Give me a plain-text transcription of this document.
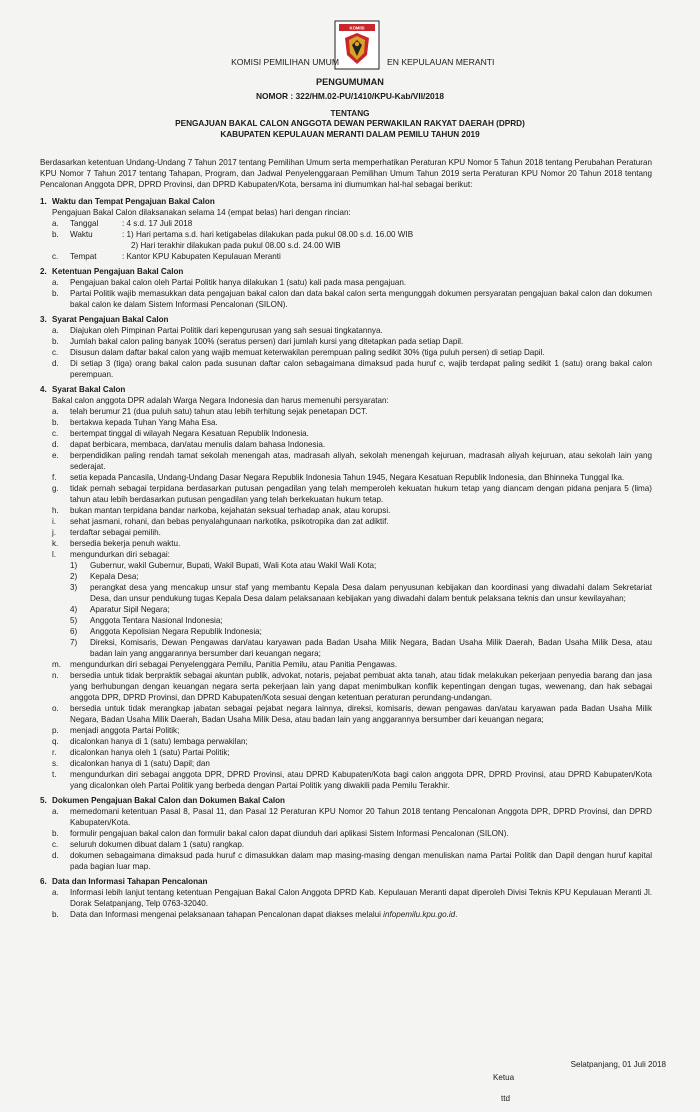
KOMISI
KOMISI PEMILIHAN UMUM	EN KEPULAUAN MERANTI
PENGUMUMAN
NOMOR : 322/HM.02-PU/1410/KPU-Kab/VII/2018
TENTANG
PENGAJUAN BAKAL CALON ANGGOTA DEWAN PERWAKILAN RAKYAT DAERAH (DPRD)
KABUPATEN KEPULAUAN MERANTI DALAM PEMILU TAHUN 2019

Berdasarkan ketentuan Undang-Undang 7 Tahun 2017 tentang Pemilihan Umum serta memperhatikan Peraturan KPU Nomor 5 Tahun 2018 tentang Perubahan Peraturan KPU Nomor 7 Tahun 2017 tentang Tahapan, Program, dan Jadwal Penyelenggaraan Pemilihan Umum Tahun 2019 serta Peraturan KPU Nomor 20 Tahun 2018 tentang Pencalonan Anggota DPR, DPRD Provinsi, dan DPRD Kabupaten/Kota, bersama ini diumumkan hal-hal sebagai berikut:

1. Waktu dan Tempat Pengajuan Bakal Calon
Pengajuan Bakal Calon dilaksanakan selama 14 (empat belas) hari dengan rincian:
a.	Tanggal	: 4 s.d. 17 Juli 2018
b.	Waktu	: 1) Hari pertama s.d. hari ketigabelas dilakukan pada pukul 08.00 s.d. 16.00 WIB
2) Hari terakhir dilakukan pada pukul 08.00 s.d. 24.00 WIB
c.	Tempat	: Kantor KPU Kabupaten Kepulauan Meranti
2. Ketentuan Pengajuan Bakal Calon
a.	Pengajuan bakal calon oleh Partai Politik hanya dilakukan 1 (satu) kali pada masa pengajuan.
b.	Partai Politik wajib memasukkan data pengajuan bakal calon dan data bakal calon serta mengunggah dokumen persyaratan pengajuan bakal calon dan dokumen bakal calon ke dalam Sistem Informasi Pencalonan (SILON).
3. Syarat Pengajuan Bakal Calon
a.	Diajukan oleh Pimpinan Partai Politik dari kepengurusan yang sah sesuai tingkatannya.
b.	Jumlah bakal calon paling banyak 100% (seratus persen) dari jumlah kursi yang ditetapkan pada setiap Dapil.
c.	Disusun dalam daftar bakal calon yang wajib memuat keterwakilan perempuan paling sedikit 30% (tiga puluh persen) di setiap Dapil.
d.	Di setiap 3 (tiga) orang bakal calon pada susunan daftar calon sebagaimana dimaksud pada huruf c, wajib terdapat paling sedikit 1 (satu) orang bakal calon perempuan.
4. Syarat Bakal Calon
Bakal calon anggota DPR adalah Warga Negara Indonesia dan harus memenuhi persyaratan:
a.	telah berumur 21 (dua puluh satu) tahun atau lebih terhitung sejak penetapan DCT.
b.	bertakwa kepada Tuhan Yang Maha Esa.
c.	bertempat tinggal di wilayah Negara Kesatuan Republik Indonesia.
d.	dapat berbicara, membaca, dan/atau menulis dalam bahasa Indonesia.
e.	berpendidikan paling rendah tamat sekolah menengah atas, madrasah aliyah, sekolah menengah kejuruan, madrasah aliyah kejuruan, atau sekolah lain yang sederajat.
f.	setia kepada Pancasila, Undang-Undang Dasar Negara Republik Indonesia Tahun 1945, Negara Kesatuan Republik Indonesia, dan Bhinneka Tunggal Ika.
g.	tidak pernah sebagai terpidana berdasarkan putusan pengadilan yang telah memperoleh kekuatan hukum tetap yang diancam dengan pidana penjara 5 (lima) tahun atau lebih berdasarkan putusan pengadilan yang telah berkekuatan hukum tetap.
h.	bukan mantan terpidana bandar narkoba, kejahatan seksual terhadap anak, atau korupsi.
i.	sehat jasmani, rohani, dan bebas penyalahgunaan narkotika, psikotropika dan zat adiktif.
j.	terdaftar sebagai pemilih.
k.	bersedia bekerja penuh waktu.
l.	mengundurkan diri sebagai:
1)	Gubernur, wakil Gubernur, Bupati, Wakil Bupati, Wali Kota atau Wakil Wali Kota;
2)	Kepala Desa;
3)	perangkat desa yang mencakup unsur staf yang membantu Kepala Desa dalam penyusunan kebijakan dan koordinasi yang diwadahi dalam Sekretariat Desa, dan unsur pendukung tugas Kepala Desa dalam pelaksanaan kebijakan yang diwadahi dalam bentuk pelaksana teknis dan unsur kewilayahan;
4)	Aparatur Sipil Negara;
5)	Anggota Tentara Nasional Indonesia;
6)	Anggota Kepolisian Negara Republik Indonesia;
7)	Direksi, Komisaris, Dewan Pengawas dan/atau karyawan pada Badan Usaha Milik Negara, Badan Usaha Milik Daerah, Badan Usaha Milik Desa, atau badan lain yang anggarannya bersumber dari keuangan negara;
m.	mengundurkan diri sebagai Penyelenggara Pemilu, Panitia Pemilu, atau Panitia Pengawas.
n.	bersedia untuk tidak berpraktik sebagai akuntan publik, advokat, notaris, pejabat pembuat akta tanah, atau tidak melakukan pekerjaan penyedia barang dan jasa yang berhubungan dengan keuangan negara serta pekerjaan lain yang dapat menimbulkan konflik kepentingan dengan tugas, wewenang, dan hak sebagai anggota DPR, DPRD Provinsi, dan DPRD Kabupaten/Kota sesuai dengan ketentuan peraturan perundang-undangan.
o.	bersedia untuk tidak merangkap jabatan sebagai pejabat negara lainnya, direksi, komisaris, dewan pengawas dan/atau karyawan pada Badan Usaha Milik Negara, Badan Usaha Milik Daerah, Badan Usaha Milik Desa, atau badan lain yang anggarannya bersumber dari keuangan negara;
p.	menjadi anggota Partai Politik;
q.	dicalonkan hanya di 1 (satu) lembaga perwakilan;
r.	dicalonkan hanya oleh 1 (satu) Partai Politik;
s.	dicalonkan hanya di 1 (satu) Dapil; dan
t.	mengundurkan diri sebagai anggota DPR, DPRD Provinsi, atau DPRD Kabupaten/Kota bagi calon anggota DPR, DPRD Provinsi, atau DPRD Kabupaten/Kota yang dicalonkan oleh Partai Politik yang berbeda dengan Partai Politik yang diwakili pada Pemilu Terakhir.
5. Dokumen Pengajuan Bakal Calon dan Dokumen Bakal Calon
a.	memedomani ketentuan Pasal 8, Pasal 11, dan Pasal 12 Peraturan KPU Nomor 20 Tahun 2018 tentang Pencalonan Anggota DPR, DPRD Provinsi, dan DPRD Kabupaten/Kota.
b.	formulir pengajuan bakal calon dan formulir bakal calon dapat diunduh dari aplikasi Sistem Informasi Pencalonan (SILON).
c.	seluruh dokumen dibuat dalam 1 (satu) rangkap.
d.	dokumen sebagaimana dimaksud pada huruf c dimasukkan dalam map masing-masing dengan menuliskan nama Partai Politik dan Dapil dengan huruf kapital pada bagian luar map.
6. Data dan Informasi Tahapan Pencalonan
a.	Informasi lebih lanjut tentang ketentuan Pengajuan Bakal Calon Anggota DPRD Kab. Kepulauan Meranti dapat diperoleh Divisi Teknis KPU Kepulauan Meranti Jl. Dorak Selatpanjang, Telp 0763-32040.
b.	Data dan Informasi mengenai pelaksanaan tahapan Pencalonan dapat diakses melalui infopemilu.kpu.go.id.
Selatpanjang, 01 Juli 2018
Ketua
ttd
